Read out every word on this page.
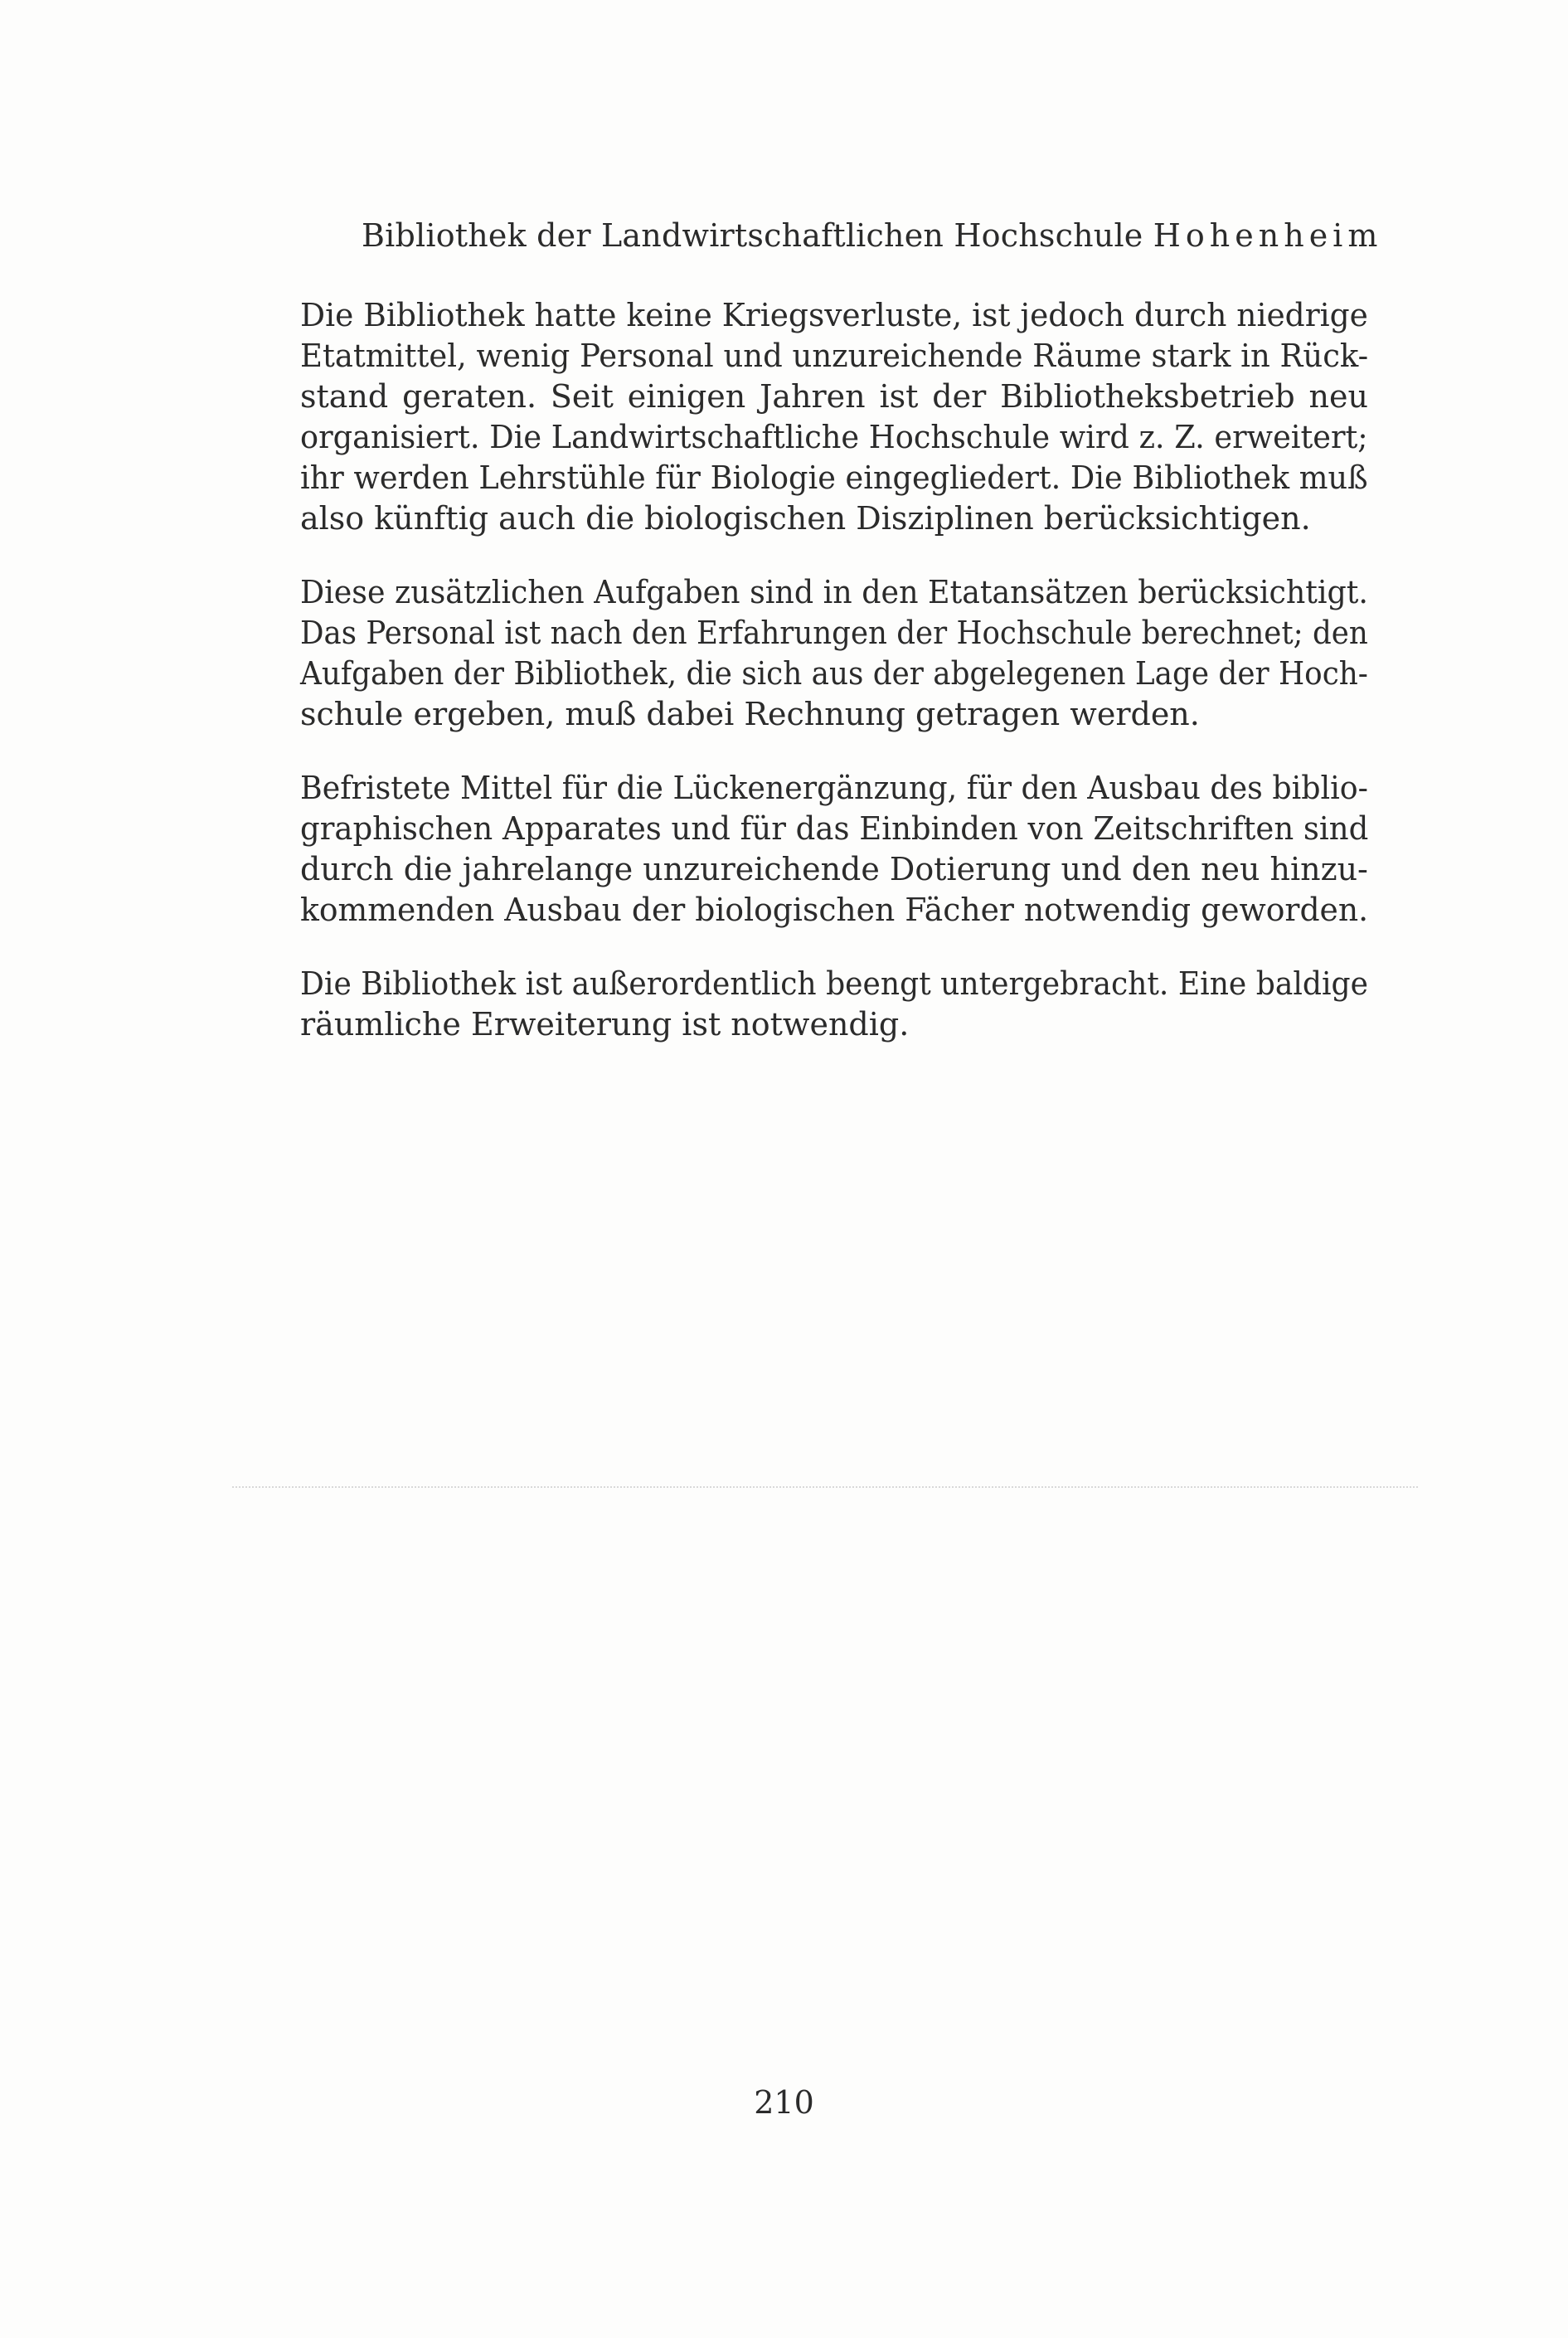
Bibliothek der Landwirtschaftlichen Hochschule Hohenheim

Die Bibliothek hatte keine Kriegsverluste, ist jedoch durch niedrige
Etatmittel, wenig Personal und unzureichende Räume stark in Rück-
stand geraten. Seit einigen Jahren ist der Bibliotheksbetrieb neu
organisiert. Die Landwirtschaftliche Hochschule wird z. Z. erweitert;
ihr werden Lehrstühle für Biologie eingegliedert. Die Bibliothek muß
also künftig auch die biologischen Disziplinen berücksichtigen.

Diese zusätzlichen Aufgaben sind in den Etatansätzen berücksichtigt.
Das Personal ist nach den Erfahrungen der Hochschule berechnet; den
Aufgaben der Bibliothek, die sich aus der abgelegenen Lage der Hoch-
schule ergeben, muß dabei Rechnung getragen werden.

Befristete Mittel für die Lückenergänzung, für den Ausbau des biblio-
graphischen Apparates und für das Einbinden von Zeitschriften sind
durch die jahrelange unzureichende Dotierung und den neu hinzu-
kommenden Ausbau der biologischen Fächer notwendig geworden.

Die Bibliothek ist außerordentlich beengt untergebracht. Eine baldige
räumliche Erweiterung ist notwendig.

210
